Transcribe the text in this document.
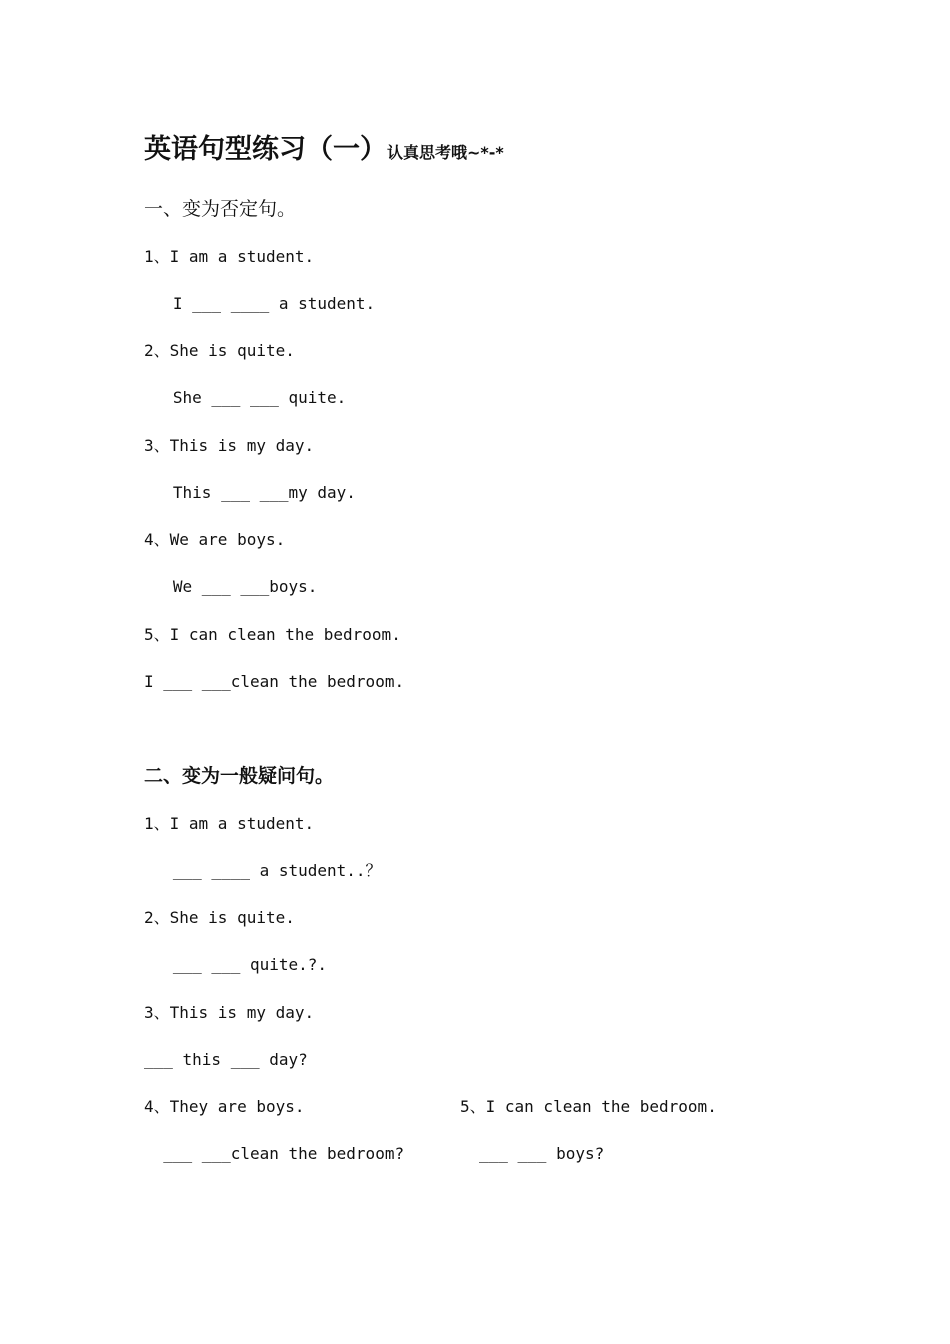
英语句型练习（一）认真思考哦~*-*
一、变为否定句。
1、I am a student.
I ___ ____ a student.
2、She is quite.
She ___ ___ quite.
3、This is my day.
This ___ ___my day.
4、We are boys.
We ___ ___boys.
5、I can clean the bedroom.
I ___ ___clean the bedroom.
二、变为一般疑问句。
1、I am a student.
___ ____ a student..？
2、She is quite.
___ ___ quite.?.
3、This is my day.
___ this ___ day?
4、They are boys.	5、I can clean the bedroom.
___ ___clean the bedroom?	___ ___ boys?
